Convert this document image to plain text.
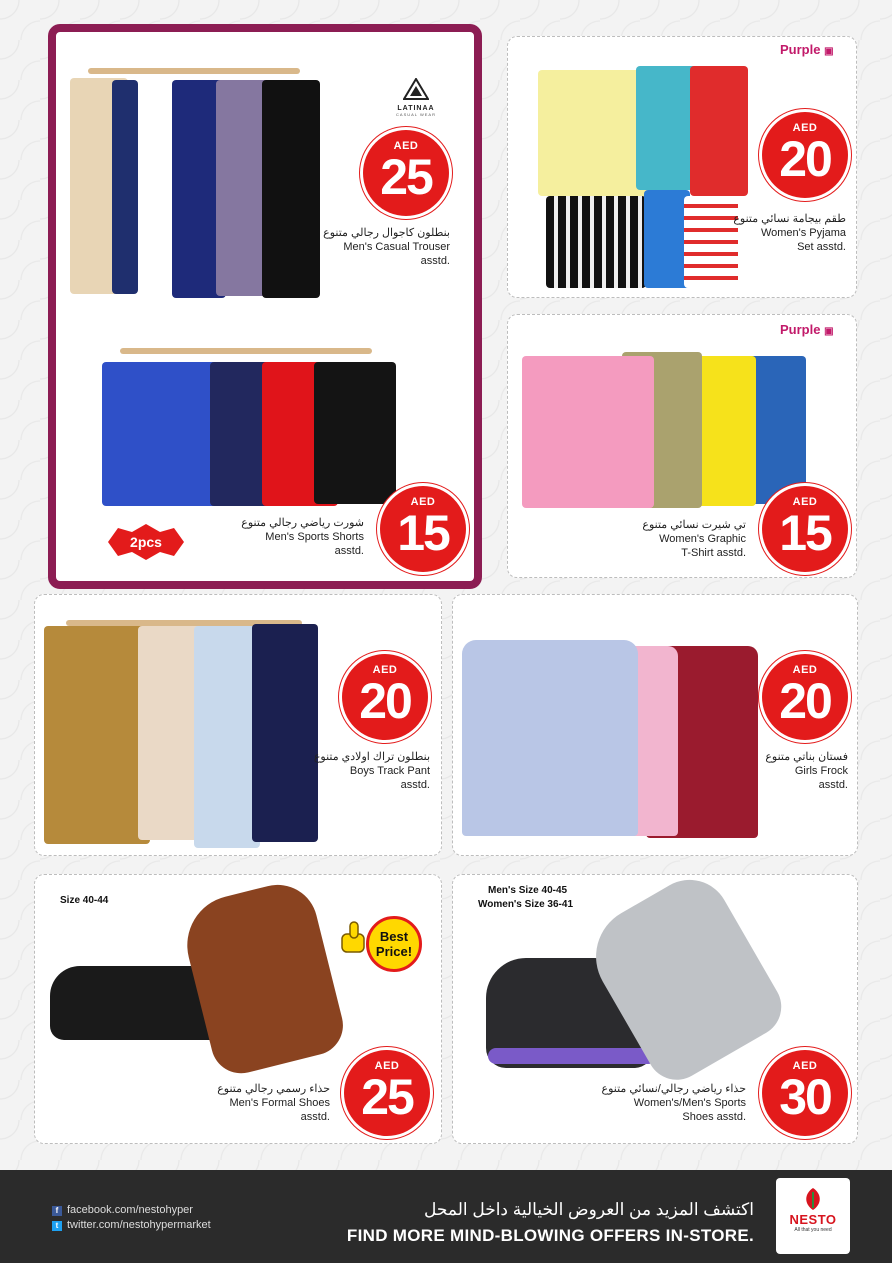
LATINAA
CASUAL WEAR
AED
25
بنطلون كاجوال رجالي متنوع
Men's Casual Trouser
asstd.
2pcs
AED
15
شورت رياضي رجالي متنوع
Men's Sports Shorts
asstd.
Purple ▣
AED
20
طقم بيجامة نسائي متنوع
Women's Pyjama
Set asstd.
Purple ▣
AED
15
تي شيرت نسائي متنوع
Women's Graphic
T-Shirt asstd.
AED
20
بنطلون تراك اولادي متنوع
Boys Track Pant
asstd.
AED
20
فستان بناتي متنوع
Girls Frock
asstd.
Size 40-44
Best
Price!
AED
25
حذاء رسمي رجالي متنوع
Men's Formal Shoes
asstd.
Men's Size 40-45
Women's Size 36-41
AED
30
حذاء رياضي رجالي/نسائي متنوع
Women's/Men's Sports
Shoes asstd.
f facebook.com/nestohyper
t twitter.com/nestohypermarket
اكتشف المزيد من العروض الخيالية داخل المحل
FIND MORE MIND-BLOWING OFFERS IN-STORE.
NESTO
All that you need
